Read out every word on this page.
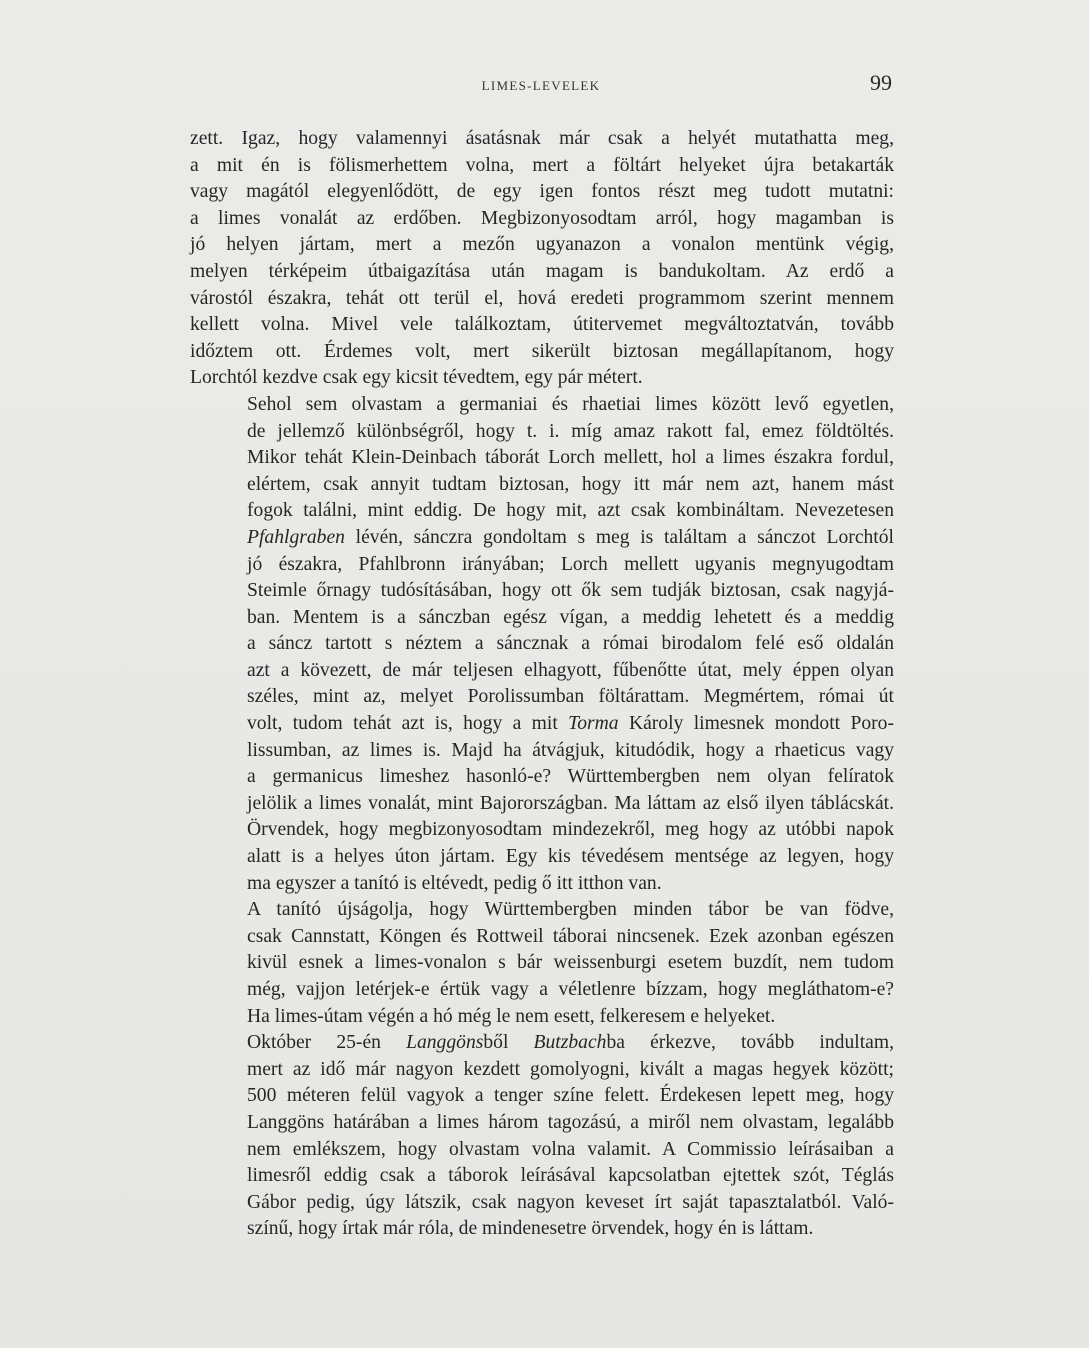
LIMES-LEVELEK	99
zett. Igaz, hogy valamennyi ásatásnak már csak a helyét mutathatta meg,
a mit én is fölismerhettem volna, mert a föltárt helyeket újra betakarták
vagy magától elegyenlődött, de egy igen fontos részt meg tudott mutatni:
a limes vonalát az erdőben. Megbizonyosodtam arról, hogy magamban is
jó helyen jártam, mert a mezőn ugyanazon a vonalon mentünk végig,
melyen térképeim útbaigazítása után magam is bandukoltam. Az erdő a
várostól északra, tehát ott terül el, hová eredeti programmom szerint mennem
kellett volna. Mivel vele találkoztam, útitervemet megváltoztatván, tovább
időztem ott. Érdemes volt, mert sikerült biztosan megállapítanom, hogy
Lorchtól kezdve csak egy kicsit tévedtem, egy pár métert.
Sehol sem olvastam a germaniai és rhaetiai limes között levő egyetlen,
de jellemző különbségről, hogy t. i. míg amaz rakott fal, emez földtöltés.
Mikor tehát Klein-Deinbach táborát Lorch mellett, hol a limes északra fordul,
elértem, csak annyit tudtam biztosan, hogy itt már nem azt, hanem mást
fogok találni, mint eddig. De hogy mit, azt csak kombináltam. Nevezetesen
Pfahlgraben lévén, sánczra gondoltam s meg is találtam a sánczot Lorchtól
jó északra, Pfahlbronn irányában; Lorch mellett ugyanis megnyugodtam
Steimle őrnagy tudósításában, hogy ott ők sem tudják biztosan, csak nagyjá-
ban. Mentem is a sánczban egész vígan, a meddig lehetett és a meddig
a sáncz tartott s néztem a sáncznak a római birodalom felé eső oldalán
azt a kövezett, de már teljesen elhagyott, fűbenőtte útat, mely éppen olyan
széles, mint az, melyet Porolissumban föltárattam. Megmértem, római út
volt, tudom tehát azt is, hogy a mit Torma Károly limesnek mondott Poro-
lissumban, az limes is. Majd ha átvágjuk, kitudódik, hogy a rhaeticus vagy
a germanicus limeshez hasonló-e? Württembergben nem olyan felíratok
jelölik a limes vonalát, mint Bajorországban. Ma láttam az első ilyen táblácskát.
Örvendek, hogy megbizonyosodtam mindezekről, meg hogy az utóbbi napok
alatt is a helyes úton jártam. Egy kis tévedésem mentsége az legyen, hogy
ma egyszer a tanító is eltévedt, pedig ő itt itthon van.
A tanító újságolja, hogy Württembergben minden tábor be van födve,
csak Cannstatt, Köngen és Rottweil táborai nincsenek. Ezek azonban egészen
kivül esnek a limes-vonalon s bár weissenburgi esetem buzdít, nem tudom
még, vajjon letérjek-e értük vagy a véletlenre bízzam, hogy megláthatom-e?
Ha limes-útam végén a hó még le nem esett, felkeresem e helyeket.
Október 25-én Langgönsből Butzbachba érkezve, tovább indultam,
mert az idő már nagyon kezdett gomolyogni, kivált a magas hegyek között;
500 méteren felül vagyok a tenger színe felett. Érdekesen lepett meg, hogy
Langgöns határában a limes három tagozású, a miről nem olvastam, legalább
nem emlékszem, hogy olvastam volna valamit. A Commissio leírásaiban a
limesről eddig csak a táborok leírásával kapcsolatban ejtettek szót, Téglás
Gábor pedig, úgy látszik, csak nagyon keveset írt saját tapasztalatból. Való-
színű, hogy írtak már róla, de mindenesetre örvendek, hogy én is láttam.
